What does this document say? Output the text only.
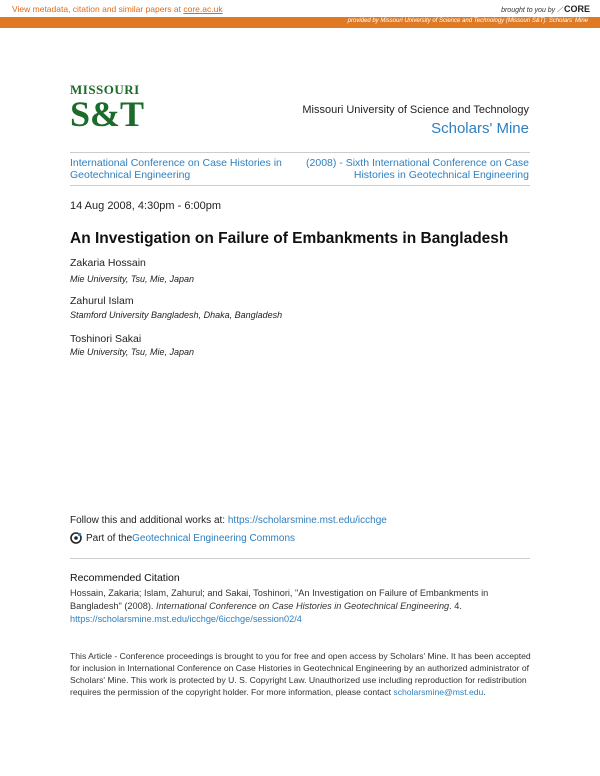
View metadata, citation and similar papers at core.ac.uk	brought to you by ⟋ CORE
provided by Missouri University of Science and Technology (Missouri S&T): Scholars' Mine
MISSOURI
S&T	Missouri University of Science and Technology
Scholars' Mine
International Conference on Case Histories in Geotechnical Engineering
(2008) - Sixth International Conference on Case Histories in Geotechnical Engineering
14 Aug 2008, 4:30pm - 6:00pm
An Investigation on Failure of Embankments in Bangladesh
Zakaria Hossain
Mie University, Tsu, Mie, Japan
Zahurul Islam
Stamford University Bangladesh, Dhaka, Bangladesh
Toshinori Sakai
Mie University, Tsu, Mie, Japan
Follow this and additional works at: https://scholarsmine.mst.edu/icchge
Part of the Geotechnical Engineering Commons
Recommended Citation
Hossain, Zakaria; Islam, Zahurul; and Sakai, Toshinori, "An Investigation on Failure of Embankments in Bangladesh" (2008). International Conference on Case Histories in Geotechnical Engineering. 4.
https://scholarsmine.mst.edu/icchge/6icchge/session02/4
This Article - Conference proceedings is brought to you for free and open access by Scholars' Mine. It has been accepted for inclusion in International Conference on Case Histories in Geotechnical Engineering by an authorized administrator of Scholars' Mine. This work is protected by U. S. Copyright Law. Unauthorized use including reproduction for redistribution requires the permission of the copyright holder. For more information, please contact scholarsmine@mst.edu.
